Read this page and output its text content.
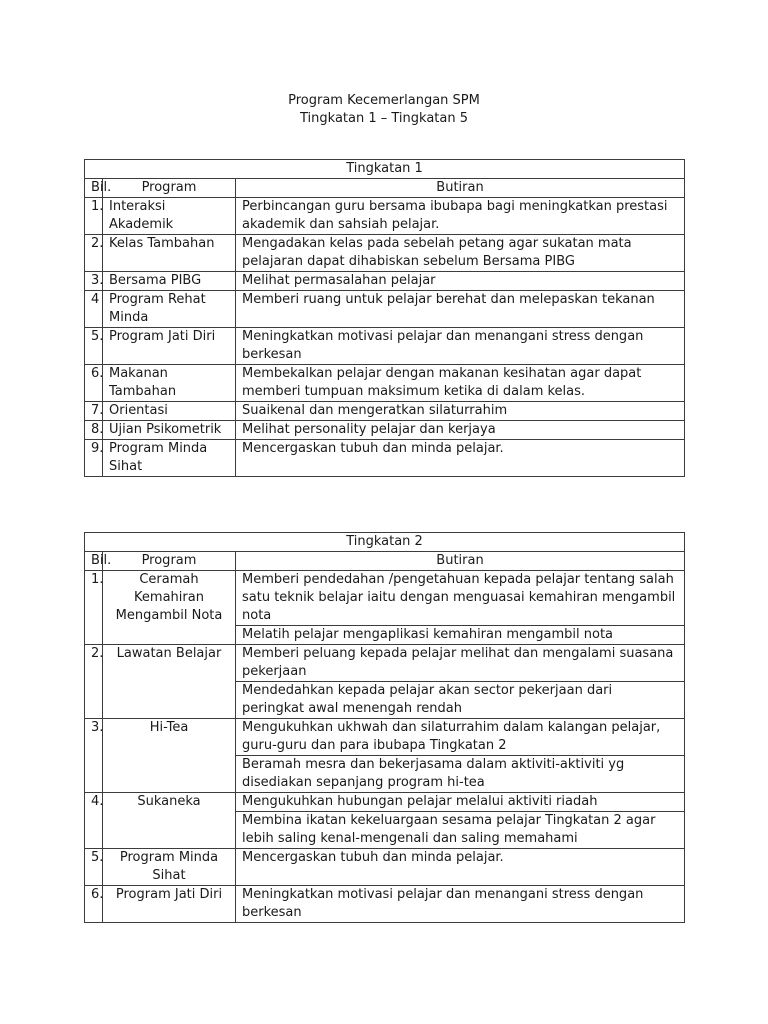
Program Kecemerlangan SPM
Tingkatan 1 – Tingkatan 5
Tingkatan 1		
Bil.	Program	Butiran
1.	Interaksi Akademik	Perbincangan guru bersama ibubapa bagi meningkatkan prestasi akademik dan sahsiah pelajar.
2.	Kelas Tambahan	Mengadakan kelas pada sebelah petang agar sukatan mata pelajaran dapat dihabiskan sebelum Bersama PIBG
3.	Bersama PIBG	Melihat permasalahan pelajar
4	Program Rehat Minda	Memberi ruang untuk pelajar berehat dan melepaskan tekanan
5.	Program Jati Diri	Meningkatkan motivasi pelajar dan menangani stress dengan berkesan
6.	Makanan Tambahan	Membekalkan pelajar dengan makanan kesihatan agar dapat memberi tumpuan maksimum ketika di dalam kelas.
7.	Orientasi	Suaikenal dan mengeratkan silaturrahim
8.	Ujian Psikometrik	Melihat personality pelajar dan kerjaya
9.	Program Minda Sihat	Mencergaskan tubuh dan minda pelajar.
Tingkatan 2		
Bil.	Program	Butiran
1.	Ceramah Kemahiran Mengambil Nota	Memberi pendedahan /pengetahuan kepada pelajar tentang salah satu teknik belajar iaitu dengan menguasai kemahiran mengambil nota
		Melatih pelajar mengaplikasi kemahiran mengambil nota
2.	Lawatan Belajar	Memberi peluang kepada pelajar melihat dan mengalami suasana pekerjaan
		Mendedahkan kepada pelajar akan sector pekerjaan dari peringkat awal menengah rendah
3.	Hi-Tea	Mengukuhkan ukhwah dan silaturrahim dalam kalangan pelajar, guru-guru dan para ibubapa Tingkatan 2
		Beramah mesra dan bekerjasama dalam aktiviti-aktiviti yg disediakan sepanjang program hi-tea
4.	Sukaneka	Mengukuhkan hubungan pelajar melalui aktiviti riadah
		Membina ikatan kekeluargaan sesama pelajar Tingkatan 2 agar lebih saling kenal-mengenali dan saling memahami
5.	Program Minda Sihat	Mencergaskan tubuh dan minda pelajar.
6.	Program Jati Diri	Meningkatkan motivasi pelajar dan menangani stress dengan berkesan
